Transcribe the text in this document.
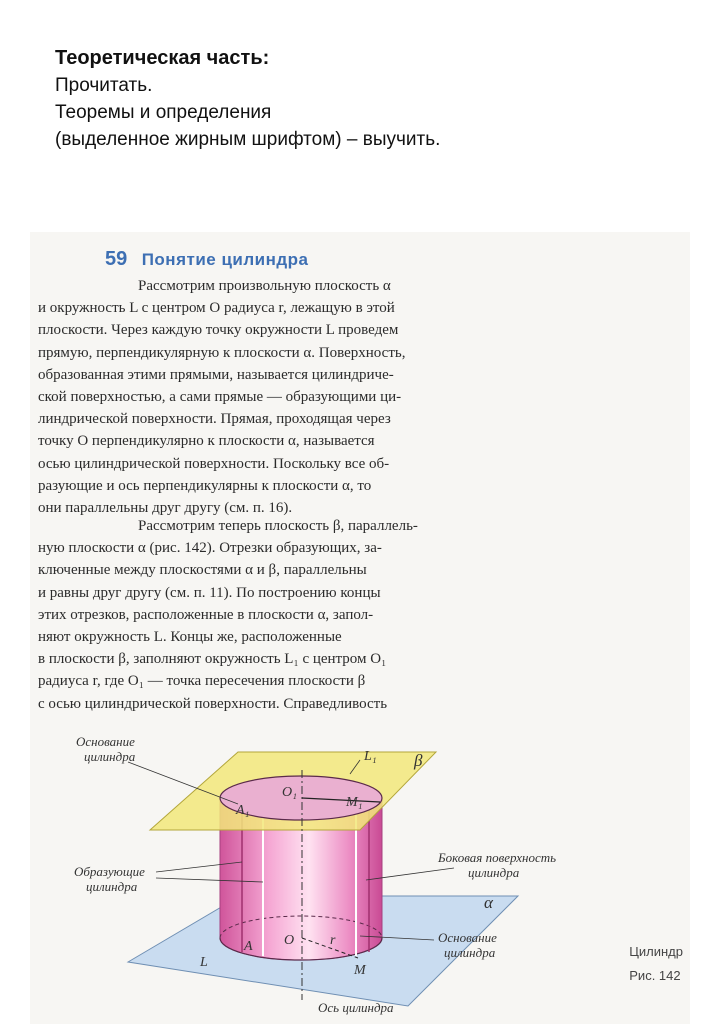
Теоретическая часть:
Прочитать.
Теоремы и определения
(выделенное жирным шрифтом) – выучить.
59 Понятие цилиндра
Рассмотрим произвольную плоскость α
и окружность L с центром O радиуса r, лежащую в этой
плоскости. Через каждую точку окружности L проведем
прямую, перпендикулярную к плоскости α. Поверхность,
образованная этими прямыми, называется цилиндриче-
ской поверхностью, а сами прямые — образующими ци-
линдрической поверхности. Прямая, проходящая через
точку O перпендикулярно к плоскости α, называется
осью цилиндрической поверхности. Поскольку все об-
разующие и ось перпендикулярны к плоскости α, то
они параллельны друг другу (см. п. 16).
Рассмотрим теперь плоскость β, параллель-
ную плоскости α (рис. 142). Отрезки образующих, за-
ключенные между плоскостями α и β, параллельны
и равны друг другу (см. п. 11). По построению концы
этих отрезков, расположенные в плоскости α, запол-
няют окружность L. Концы же, расположенные
в плоскости β, заполняют окружность L₁ с центром O₁
радиуса r, где O₁ — точка пересечения плоскости β
с осью цилиндрической поверхности. Справедливость
Основание
цилиндра
Образующие
цилиндра
Боковая поверхность
цилиндра
Основание
цилиндра
Ось цилиндра
L₁ β
α
O₁
A₁
M₁
O	r
A
M
L
Цилиндр
Рис. 142
